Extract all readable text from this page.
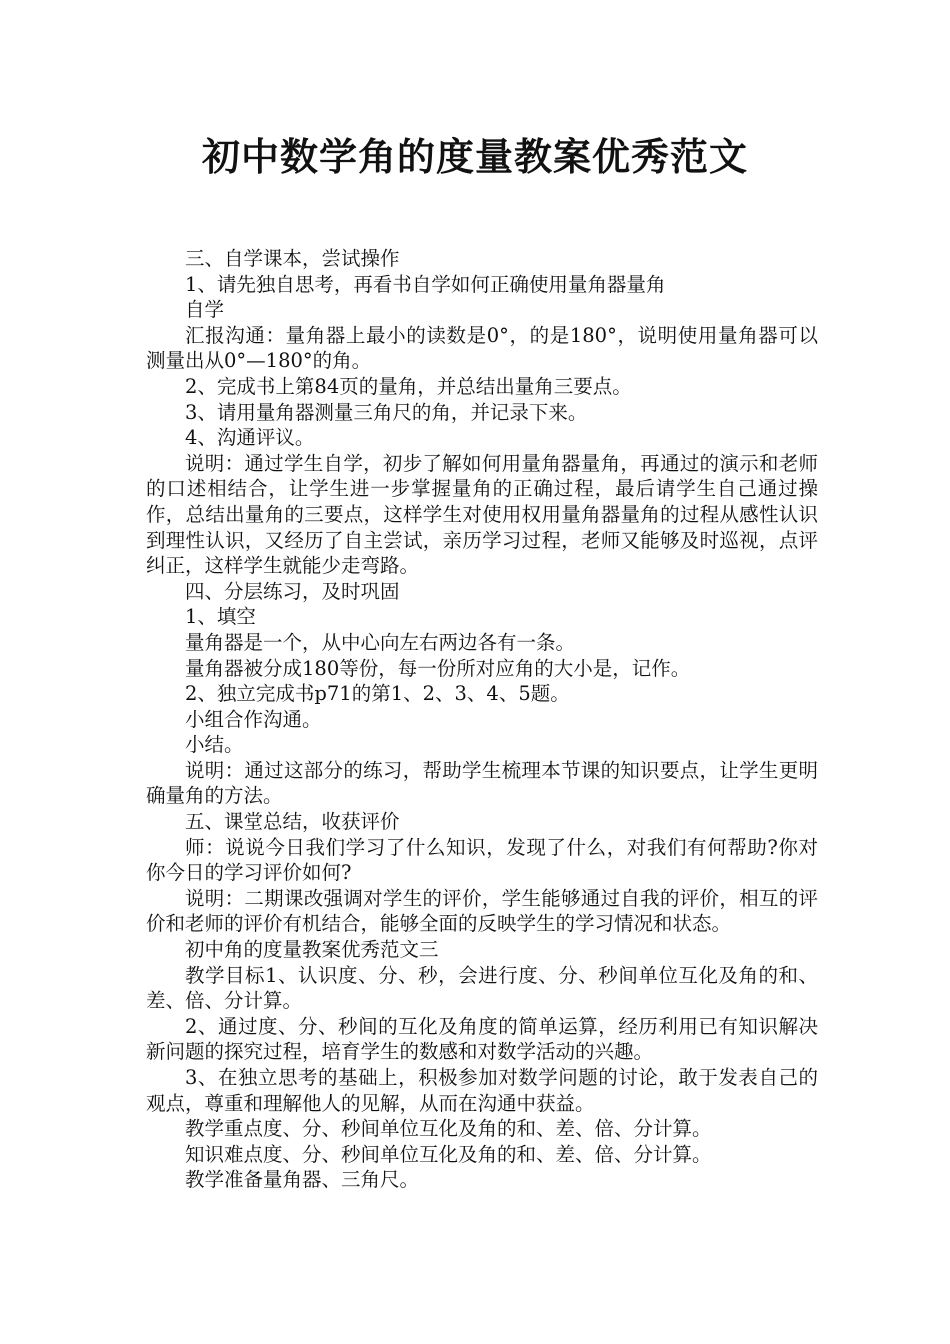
初中数学角的度量教案优秀范文

三、自学课本，尝试操作

1、请先独自思考，再看书自学如何正确使用量角器量角

自学

汇报沟通：量角器上最小的读数是0°，的是180°，说明使用量角器可以测量出从0°—180°的角。

2、完成书上第84页的量角，并总结出量角三要点。

3、请用量角器测量三角尺的角，并记录下来。

4、沟通评议。

说明：通过学生自学，初步了解如何用量角器量角，再通过的演示和老师的口述相结合，让学生进一步掌握量角的正确过程，最后请学生自己通过操作，总结出量角的三要点，这样学生对使用权用量角器量角的过程从感性认识到理性认识，又经历了自主尝试，亲历学习过程，老师又能够及时巡视，点评纠正，这样学生就能少走弯路。

四、分层练习，及时巩固

1、填空

量角器是一个，从中心向左右两边各有一条。

量角器被分成180等份，每一份所对应角的大小是，记作。

2、独立完成书p71的第1、2、3、4、5题。

小组合作沟通。

小结。

说明：通过这部分的练习，帮助学生梳理本节课的知识要点，让学生更明确量角的方法。

五、课堂总结，收获评价

师：说说今日我们学习了什么知识，发现了什么，对我们有何帮助?你对你今日的学习评价如何?

说明：二期课改强调对学生的评价，学生能够通过自我的评价，相互的评价和老师的评价有机结合，能够全面的反映学生的学习情况和状态。

初中角的度量教案优秀范文三

教学目标1、认识度、分、秒，会进行度、分、秒间单位互化及角的和、差、倍、分计算。

2、通过度、分、秒间的互化及角度的简单运算，经历利用已有知识解决新问题的探究过程，培育学生的数感和对数学活动的兴趣。

3、在独立思考的基础上，积极参加对数学问题的讨论，敢于发表自己的观点，尊重和理解他人的见解，从而在沟通中获益。

教学重点度、分、秒间单位互化及角的和、差、倍、分计算。

知识难点度、分、秒间单位互化及角的和、差、倍、分计算。

教学准备量角器、三角尺。
